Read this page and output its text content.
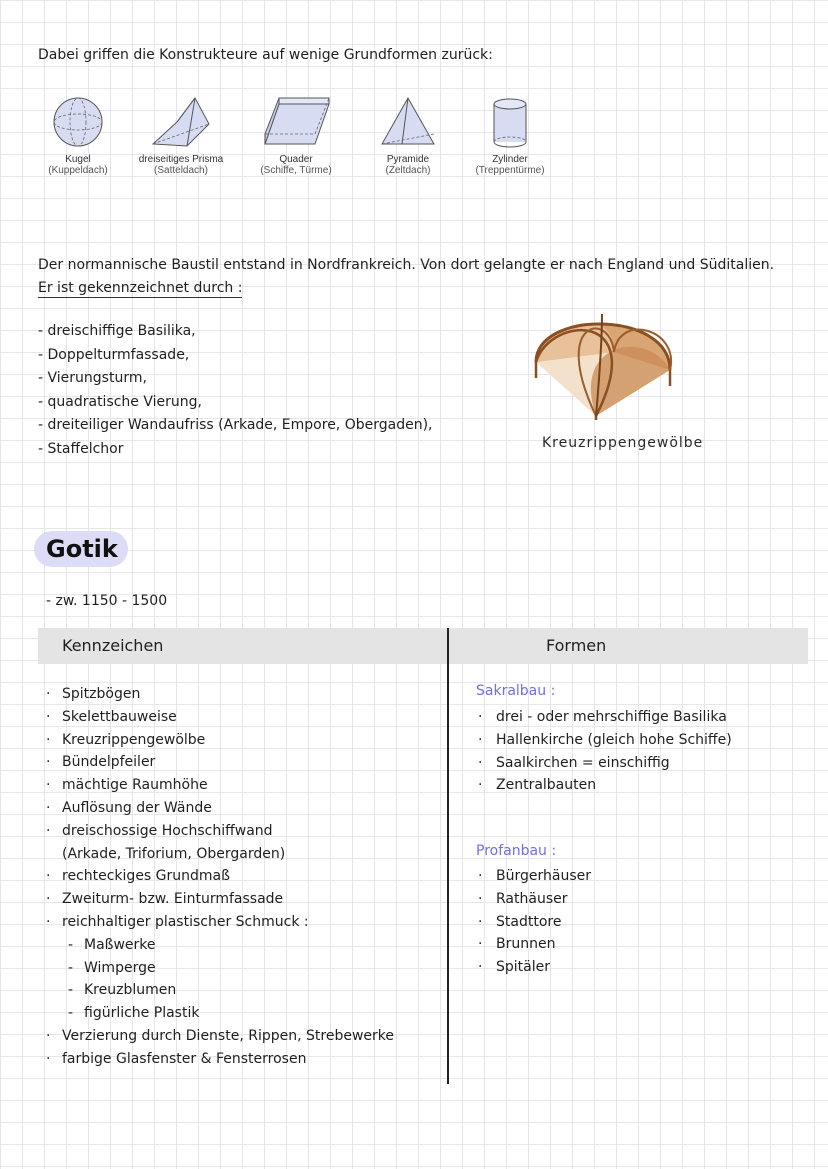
Dabei griffen die Konstrukteure auf wenige Grundformen zurück:
Kugel
(Kuppeldach)
dreiseitiges Prisma
(Satteldach)
Quader
(Schiffe, Türme)
Pyramide
(Zeltdach)
Zylinder
(Treppentürme)
Der normannische Baustil entstand in Nordfrankreich. Von dort gelangte er nach England und Süditalien.
Er ist gekennzeichnet durch :
- dreischiffige Basilika,
- Doppelturmfassade,
- Vierungsturm,
- quadratische Vierung,
- dreiteiliger Wandaufriss (Arkade, Empore, Obergaden),
- Staffelchor	Kreuzrippengewölbe
Gotik
- zw. 1150 - 1500
Kennzeichen	Formen
· Spitzbögen
· Skelettbauweise
· Kreuzrippengewölbe
· Bündelpfeiler
· mächtige Raumhöhe
· Auflösung der Wände
· dreischossige Hochschiffwand
(Arkade, Triforium, Obergarden)
· rechteckiges Grundmaß
· Zweiturm- bzw. Einturmfassade
· reichhaltiger plastischer Schmuck :
- Maßwerke
- Wimperge
- Kreuzblumen
- figürliche Plastik
· Verzierung durch Dienste, Rippen, Strebewerke
· farbige Glasfenster & Fensterrosen
Sakralbau :
· drei - oder mehrschiffige Basilika
· Hallenkirche (gleich hohe Schiffe)
· Saalkirchen = einschiffig
· Zentralbauten
Profanbau :
· Bürgerhäuser
· Rathäuser
· Stadttore
· Brunnen
· Spitäler
